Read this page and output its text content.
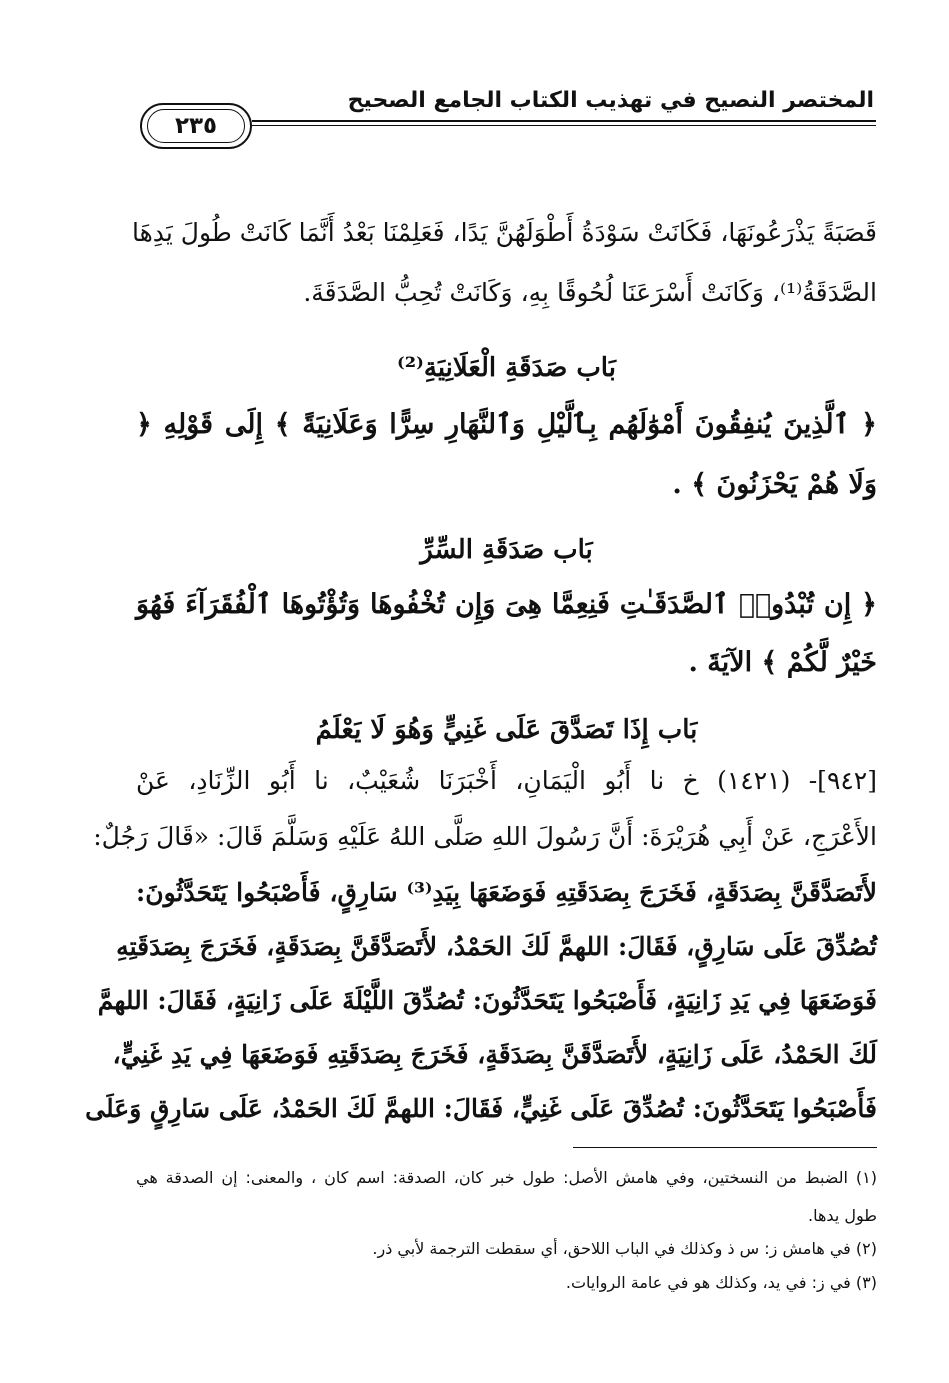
المختصر النصيح في تهذيب الكتاب الجامع الصحيح
٢٣٥
قَصَبَةً يَذْرَعُونَهَا، فَكَانَتْ سَوْدَةُ أَطْوَلَهُنَّ يَدًا، فَعَلِمْنَا بَعْدُ أَنَّمَا كَانَتْ طُولَ يَدِهَا
الصَّدَقَةُ⁽¹⁾، وَكَانَتْ أَسْرَعَنَا لُحُوقًا بِهِ، وَكَانَتْ تُحِبُّ الصَّدَقَةَ.
بَاب صَدَقَةِ الْعَلَانِيَةِ⁽²⁾
﴿ ٱلَّذِينَ يُنفِقُونَ أَمْوَٰلَهُم بِٱلَّيْلِ وَٱلنَّهَارِ سِرًّا وَعَلَانِيَةً ﴾ إِلَى قَوْلِهِ ﴿
وَلَا هُمْ يَحْزَنُونَ ﴾ .
بَاب صَدَقَةِ السِّرِّ
﴿ إِن تُبْدُوا۟ ٱلصَّدَقَـٰتِ فَنِعِمَّا هِىَ وَإِن تُخْفُوهَا وَتُؤْتُوهَا ٱلْفُقَرَآءَ فَهُوَ
خَيْرٌ لَّكُمْ ﴾ الآيَةَ .
بَاب إِذَا تَصَدَّقَ عَلَى غَنِيٍّ وَهُوَ لَا يَعْلَمُ
[٩٤٢]- (١٤٢١) خ نا أَبُو الْيَمَانِ، أَخْبَرَنَا شُعَيْبٌ، نا أَبُو الزِّنَادِ، عَنْ
الأَعْرَجِ، عَنْ أَبِي هُرَيْرَةَ: أَنَّ رَسُولَ اللهِ صَلَّى اللهُ عَلَيْهِ وَسَلَّمَ قَالَ: «قَالَ رَجُلٌ:
لأَتَصَدَّقَنَّ بِصَدَقَةٍ، فَخَرَجَ بِصَدَقَتِهِ فَوَضَعَهَا بِيَدِ⁽³⁾ سَارِقٍ، فَأَصْبَحُوا يَتَحَدَّثُونَ:
تُصُدِّقَ عَلَى سَارِقٍ، فَقَالَ: اللهمَّ لَكَ الحَمْدُ، لأَتَصَدَّقَنَّ بِصَدَقَةٍ، فَخَرَجَ بِصَدَقَتِهِ
فَوَضَعَهَا فِي يَدِ زَانِيَةٍ، فَأَصْبَحُوا يَتَحَدَّثُونَ: تُصُدِّقَ اللَّيْلَةَ عَلَى زَانِيَةٍ، فَقَالَ: اللهمَّ
لَكَ الحَمْدُ، عَلَى زَانِيَةٍ، لأَتَصَدَّقَنَّ بِصَدَقَةٍ، فَخَرَجَ بِصَدَقَتِهِ فَوَضَعَهَا فِي يَدِ غَنِيٍّ،
فَأَصْبَحُوا يَتَحَدَّثُونَ: تُصُدِّقَ عَلَى غَنِيٍّ، فَقَالَ: اللهمَّ لَكَ الحَمْدُ، عَلَى سَارِقٍ وَعَلَى
(١) الضبط من النسختين، وفي هامش الأصل: طول خبر كان، الصدقة: اسم كان ، والمعنى: إن الصدقة هي
طول يدها.
(٢) في هامش ز: س ذ وكذلك في الباب اللاحق، أي سقطت الترجمة لأبي ذر.
(٣) في ز: في يد، وكذلك هو في عامة الروايات.
